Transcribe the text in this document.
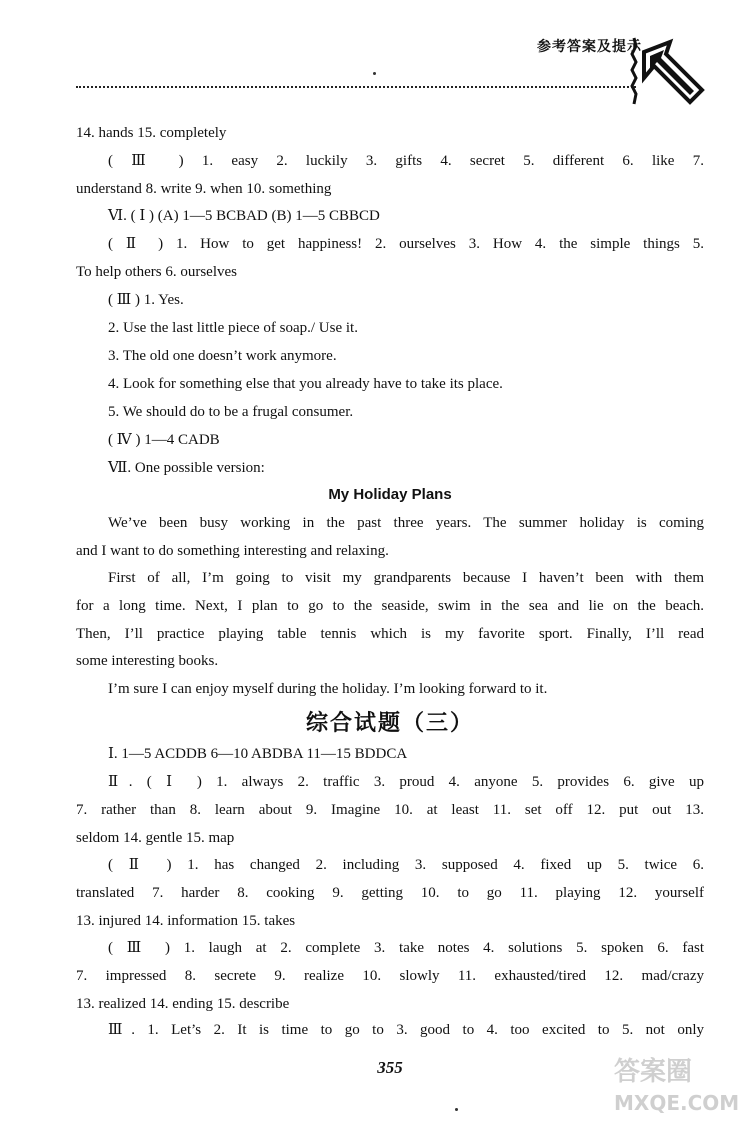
参考答案及提示
14. hands 15. completely
( Ⅲ ) 1. easy 2. luckily 3. gifts 4. secret 5. different 6. like 7.
understand 8. write 9. when 10. something
Ⅵ. ( Ⅰ ) (A) 1—5 BCBAD (B) 1—5 CBBCD
( Ⅱ ) 1. How to get happiness! 2. ourselves 3. How 4. the simple things 5.
To help others 6. ourselves
( Ⅲ ) 1. Yes.
2. Use the last little piece of soap./ Use it.
3. The old one doesn’t work anymore.
4. Look for something else that you already have to take its place.
5. We should do to be a frugal consumer.
( Ⅳ ) 1—4 CADB
Ⅶ. One possible version:
My Holiday Plans
We’ve been busy working in the past three years. The summer holiday is coming
and I want to do something interesting and relaxing.
First of all, I’m going to visit my grandparents because I haven’t been with them
for a long time. Next, I plan to go to the seaside, swim in the sea and lie on the beach.
Then, I’ll practice playing table tennis which is my favorite sport. Finally, I’ll read
some interesting books.
I’m sure I can enjoy myself during the holiday. I’m looking forward to it.
综合试题（三）
Ⅰ. 1—5 ACDDB 6—10 ABDBA 11—15 BDDCA
Ⅱ. ( Ⅰ ) 1. always 2. traffic 3. proud 4. anyone 5. provides 6. give up
7. rather than 8. learn about 9. Imagine 10. at least 11. set off 12. put out 13.
seldom 14. gentle 15. map
( Ⅱ ) 1. has changed 2. including 3. supposed 4. fixed up 5. twice 6.
translated 7. harder 8. cooking 9. getting 10. to go 11. playing 12. yourself
13. injured 14. information 15. takes
( Ⅲ ) 1. laugh at 2. complete 3. take notes 4. solutions 5. spoken 6. fast
7. impressed 8. secrete 9. realize 10. slowly 11. exhausted/tired 12. mad/crazy
13. realized 14. ending 15. describe
Ⅲ. 1. Let’s 2. It is time to go to 3. good to 4. too excited to 5. not only
355	答案圈
MXQE.COM
